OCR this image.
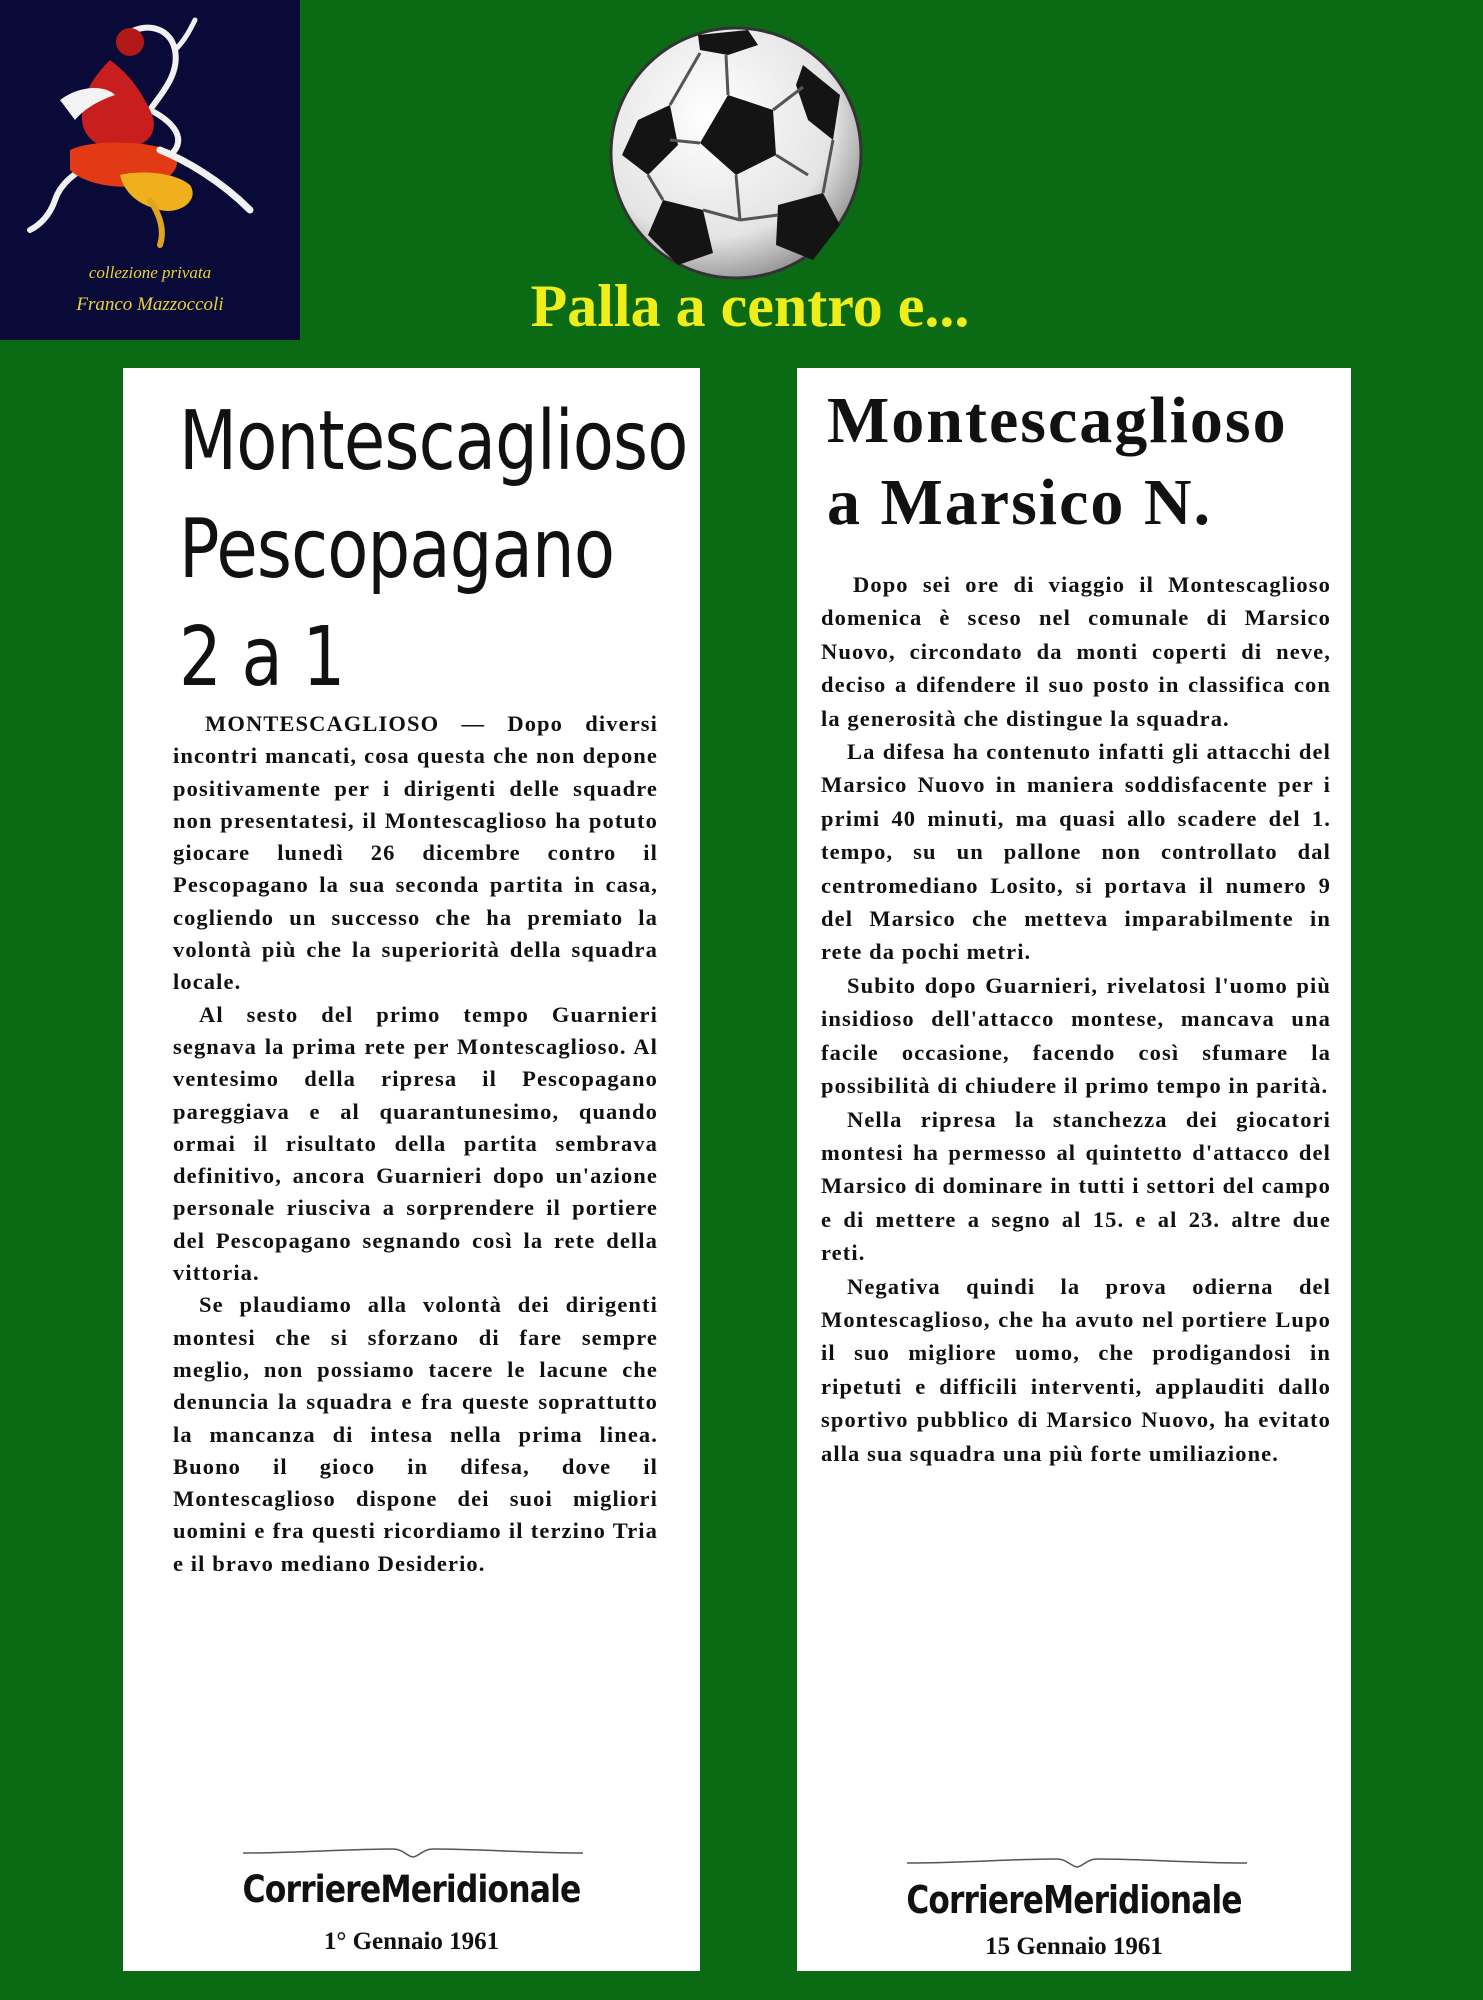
collezione privata
Franco Mazzoccoli	Palla a centro e...
Montescaglioso
Pescopagano
2 a 1

MONTESCAGLIOSO — Dopo diversi incontri mancati, cosa questa che non depone positivamente per i dirigenti delle squadre non presentatesi, il Montescaglioso ha potuto giocare lunedì 26 dicembre contro il Pescopagano la sua seconda partita in casa, cogliendo un successo che ha premiato la volontà più che la superiorità della squadra locale.

Al sesto del primo tempo Guarnieri segnava la prima rete per Montescaglioso. Al ventesimo della ripresa il Pescopagano pareggiava e al quarantunesimo, quando ormai il risultato della partita sembrava definitivo, ancora Guarnieri dopo un'azione personale riusciva a sorprendere il portiere del Pescopagano segnando così la rete della vittoria.

Se plaudiamo alla volontà dei dirigenti montesi che si sforzano di fare sempre meglio, non possiamo tacere le lacune che denuncia la squadra e fra queste soprattutto la mancanza di intesa nella prima linea. Buono il gioco in difesa, dove il Montescaglioso dispone dei suoi migliori uomini e fra questi ricordiamo il terzino Tria e il bravo mediano Desiderio.

CorriereMeridionale
1° Gennaio 1961
Montescaglioso
a Marsico N.

Dopo sei ore di viaggio il Montescaglioso domenica è sceso nel comunale di Marsico Nuovo, circondato da monti coperti di neve, deciso a difendere il suo posto in classifica con la generosità che distingue la squadra.

La difesa ha contenuto infatti gli attacchi del Marsico Nuovo in maniera soddisfacente per i primi 40 minuti, ma quasi allo scadere del 1. tempo, su un pallone non controllato dal centromediano Losito, si portava il numero 9 del Marsico che metteva imparabilmente in rete da pochi metri.

Subito dopo Guarnieri, rivelatosi l'uomo più insidioso dell'attacco montese, mancava una facile occasione, facendo così sfumare la possibilità di chiudere il primo tempo in parità.

Nella ripresa la stanchezza dei giocatori montesi ha permesso al quintetto d'attacco del Marsico di dominare in tutti i settori del campo e di mettere a segno al 15. e al 23. altre due reti.

Negativa quindi la prova odierna del Montescaglioso, che ha avuto nel portiere Lupo il suo migliore uomo, che prodigandosi in ripetuti e difficili interventi, applauditi dallo sportivo pubblico di Marsico Nuovo, ha evitato alla sua squadra una più forte umiliazione.

CorriereMeridionale
15 Gennaio 1961
